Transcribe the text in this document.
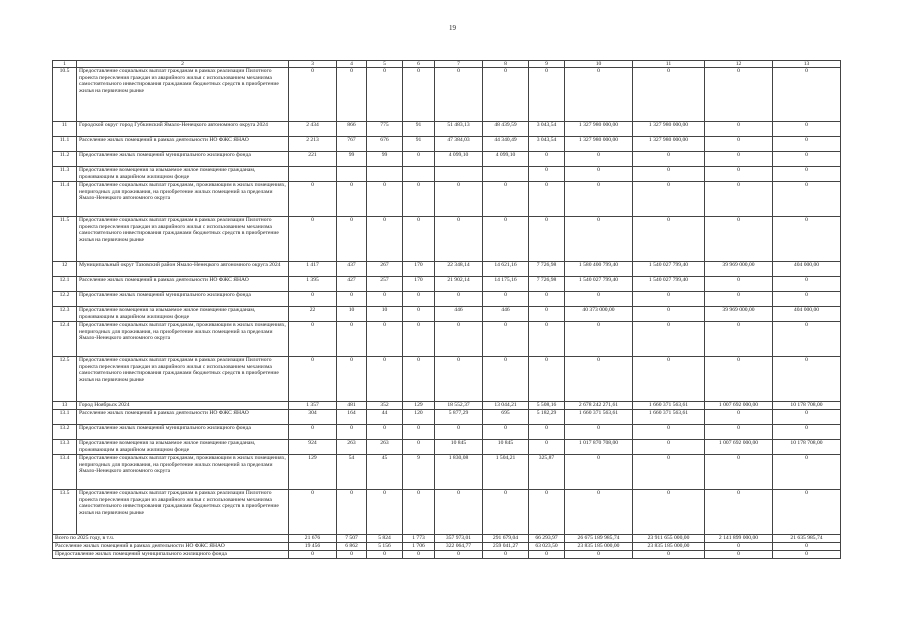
19
1	2	3	4	5	6	7	8	9	10	11	12	13
10.5	Предоставление социальных выплат гражданам в рамках реализации Пилотного проекта переселения граждан из аварийного жилья с использованием механизма самостоятельного инвестирования гражданами бюджетных средств в приобретение жилья на первичном рынке	0	0	0	0	0	0	0	0	0	0	0
11	Городской округ город Губкинский Ямало-Ненецкого автономного округа 2024	2 434	866	775	91	51 483,13	48 439,59	3 043,54	1 327 980 000,00	1 327 980 000,00	0	0
11.1	Расселение жилых помещений в рамках деятельности НО ФЖС ЯНАО	2 213	767	676	91	47 384,03	44 340,49	3 043,54	1 327 980 000,00	1 327 980 000,00	0	0
11.2	Предоставление жилых помещений муниципального жилищного фонда	221	99	99	0	4 099,10	4 099,10	0	0	0	0	0
11.3	Предоставление возмещения за изымаемое жилое помещение гражданам, проживающим в аварийном жилищном фонде							0	0	0	0	0
11.4	Предоставление социальных выплат гражданам, проживающим в жилых помещениях, непригодных для проживания, на приобретение жилых помещений за пределами Ямало-Ненецкого автономного округа	0	0	0	0	0	0	0	0	0	0	0
11.5	Предоставление социальных выплат гражданам в рамках реализации Пилотного проекта переселения граждан из аварийного жилья с использованием механизма самостоятельного инвестирования гражданами бюджетных средств в приобретение жилья на первичном рынке	0	0	0	0	0	0	0	0	0	0	0
12	Муниципальный округ Тазовский район Ямало-Ненецкого автономного округа 2024	1 417	437	267	170	22 348,14	14 621,16	7 726,98	1 580 400 799,40	1 540 027 799,40	39 969 000,00	404 000,00
12.1	Расселение жилых помещений в рамках деятельности НО ФЖС ЯНАО	1 395	427	257	170	21 902,14	14 175,16	7 726,98	1 540 027 799,40	1 540 027 799,40	0	0
12.2	Предоставление жилых помещений муниципального жилищного фонда	0	0	0	0	0	0	0	0	0	0	0
12.3	Предоставление возмещения за изымаемое жилое помещение гражданам, проживающим в аварийном жилищном фонде	22	10	10	0	446	446	0	40 373 000,00	0	39 969 000,00	404 000,00
12.4	Предоставление социальных выплат гражданам, проживающим в жилых помещениях, непригодных для проживания, на приобретение жилых помещений за пределами Ямало-Ненецкого автономного округа	0	0	0	0	0	0	0	0	0	0	0
12.5	Предоставление социальных выплат гражданам в рамках реализации Пилотного проекта переселения граждан из аварийного жилья с использованием механизма самостоятельного инвестирования гражданами бюджетных средств в приобретение жилья на первичном рынке	0	0	0	0	0	0	0	0	0	0	0
13	Город Ноябрьск 2024	1 357	481	352	129	18 552,37	13 044,21	5 508,16	2 678 242 271,61	1 660 371 563,61	1 007 692 000,00	10 178 708,00
13.1	Расселение жилых помещений в рамках деятельности НО ФЖС ЯНАО	304	164	44	120	5 877,29	695	5 182,29	1 660 371 563,61	1 660 371 563,61	0	0
13.2	Предоставление жилых помещений муниципального жилищного фонда	0	0	0	0	0	0	0	0	0	0	0
13.3	Предоставление возмещения за изымаемое жилое помещение гражданам, проживающим в аварийном жилищном фонде	924	263	263	0	10 845	10 845	0	1 017 870 708,00	0	1 007 692 000,00	10 178 708,00
13.4	Предоставление социальных выплат гражданам, проживающим в жилых помещениях, непригодных для проживания, на приобретение жилых помещений за пределами Ямало-Ненецкого автономного округа	129	54	45	9	1 830,08	1 504,21	325,87	0	0	0	0
13.5	Предоставление социальных выплат гражданам в рамках реализации Пилотного проекта переселения граждан из аварийного жилья с использованием механизма самостоятельного инвестирования гражданами бюджетных средств в приобретение жилья на первичном рынке	0	0	0	0	0	0	0	0	0	0	0
Всего по 2025 году, в т.ч.		21 676	7 507	5 824	1 773	357 973,01	291 679,04	66 293,97	26 675 189 985,74	23 911 655 000,00	2 141 899 000,00	21 635 985,74
Расселение жилых помещений в рамках деятельности НО ФЖС ЯНАО		19 456	6 862	5 156	1 706	322 064,77	259 041,27	63 023,50	23 835 185 000,00	23 835 185 000,00	0	0
Предоставление жилых помещений муниципального жилищного фонда		0	0	0	0	0	0	0	0	0	0	0
